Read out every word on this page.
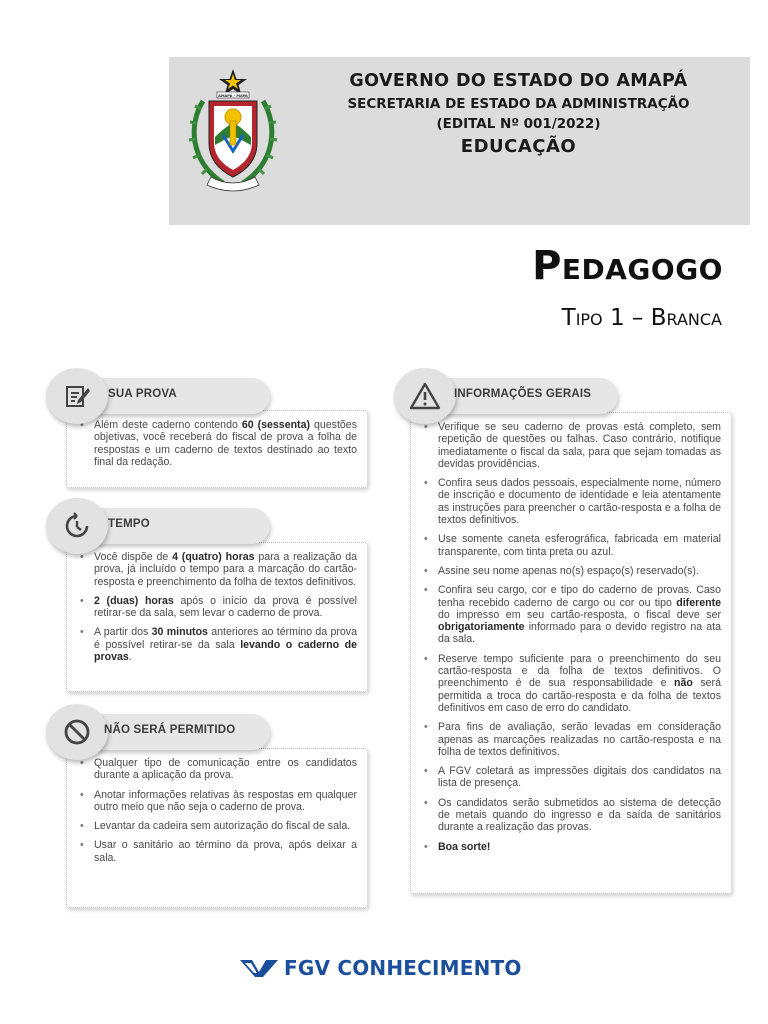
AMAPÁ - MAPÁ
GOVERNO DO ESTADO DO AMAPÁ
SECRETARIA DE ESTADO DA ADMINISTRAÇÃO
(EDITAL Nº 001/2022)
EDUCAÇÃO
Pedagogo
Tipo 1 – Branca
SUA PROVA
• Além deste caderno contendo 60 (sessenta) questões objetivas, você receberá do fiscal de prova a folha de respostas e um caderno de textos destinado ao texto final da redação.
TEMPO
• Você dispõe de 4 (quatro) horas para a realização da prova, já incluído o tempo para a marcação do cartão-resposta e preenchimento da folha de textos definitivos.
• 2 (duas) horas após o início da prova é possível retirar-se da sala, sem levar o caderno de prova.
• A partir dos 30 minutos anteriores ao término da prova é possível retirar-se da sala levando o caderno de provas.
NÃO SERÁ PERMITIDO
• Qualquer tipo de comunicação entre os candidatos durante a aplicação da prova.
• Anotar informações relativas às respostas em qualquer outro meio que não seja o caderno de prova.
• Levantar da cadeira sem autorização do fiscal de sala.
• Usar o sanitário ao término da prova, após deixar a sala.
INFORMAÇÕES GERAIS
• Verifique se seu caderno de provas está completo, sem repetição de questões ou falhas. Caso contrário, notifique imediatamente o fiscal da sala, para que sejam tomadas as devidas providências.
• Confira seus dados pessoais, especialmente nome, número de inscrição e documento de identidade e leia atentamente as instruções para preencher o cartão-resposta e a folha de textos definitivos.
• Use somente caneta esferográfica, fabricada em material transparente, com tinta preta ou azul.
• Assine seu nome apenas no(s) espaço(s) reservado(s).
• Confira seu cargo, cor e tipo do caderno de provas. Caso tenha recebido caderno de cargo ou cor ou tipo diferente do impresso em seu cartão-resposta, o fiscal deve ser obrigatoriamente informado para o devido registro na ata da sala.
• Reserve tempo suficiente para o preenchimento do seu cartão-resposta e da folha de textos definitivos. O preenchimento é de sua responsabilidade e não será permitida a troca do cartão-resposta e da folha de textos definitivos em caso de erro do candidato.
• Para fins de avaliação, serão levadas em consideração apenas as marcações realizadas no cartão-resposta e na folha de textos definitivos.
• A FGV coletará as impressões digitais dos candidatos na lista de presença.
• Os candidatos serão submetidos ao sistema de detecção de metais quando do ingresso e da saída de sanitários durante a realização das provas.
• Boa sorte!
FGV CONHECIMENTO
